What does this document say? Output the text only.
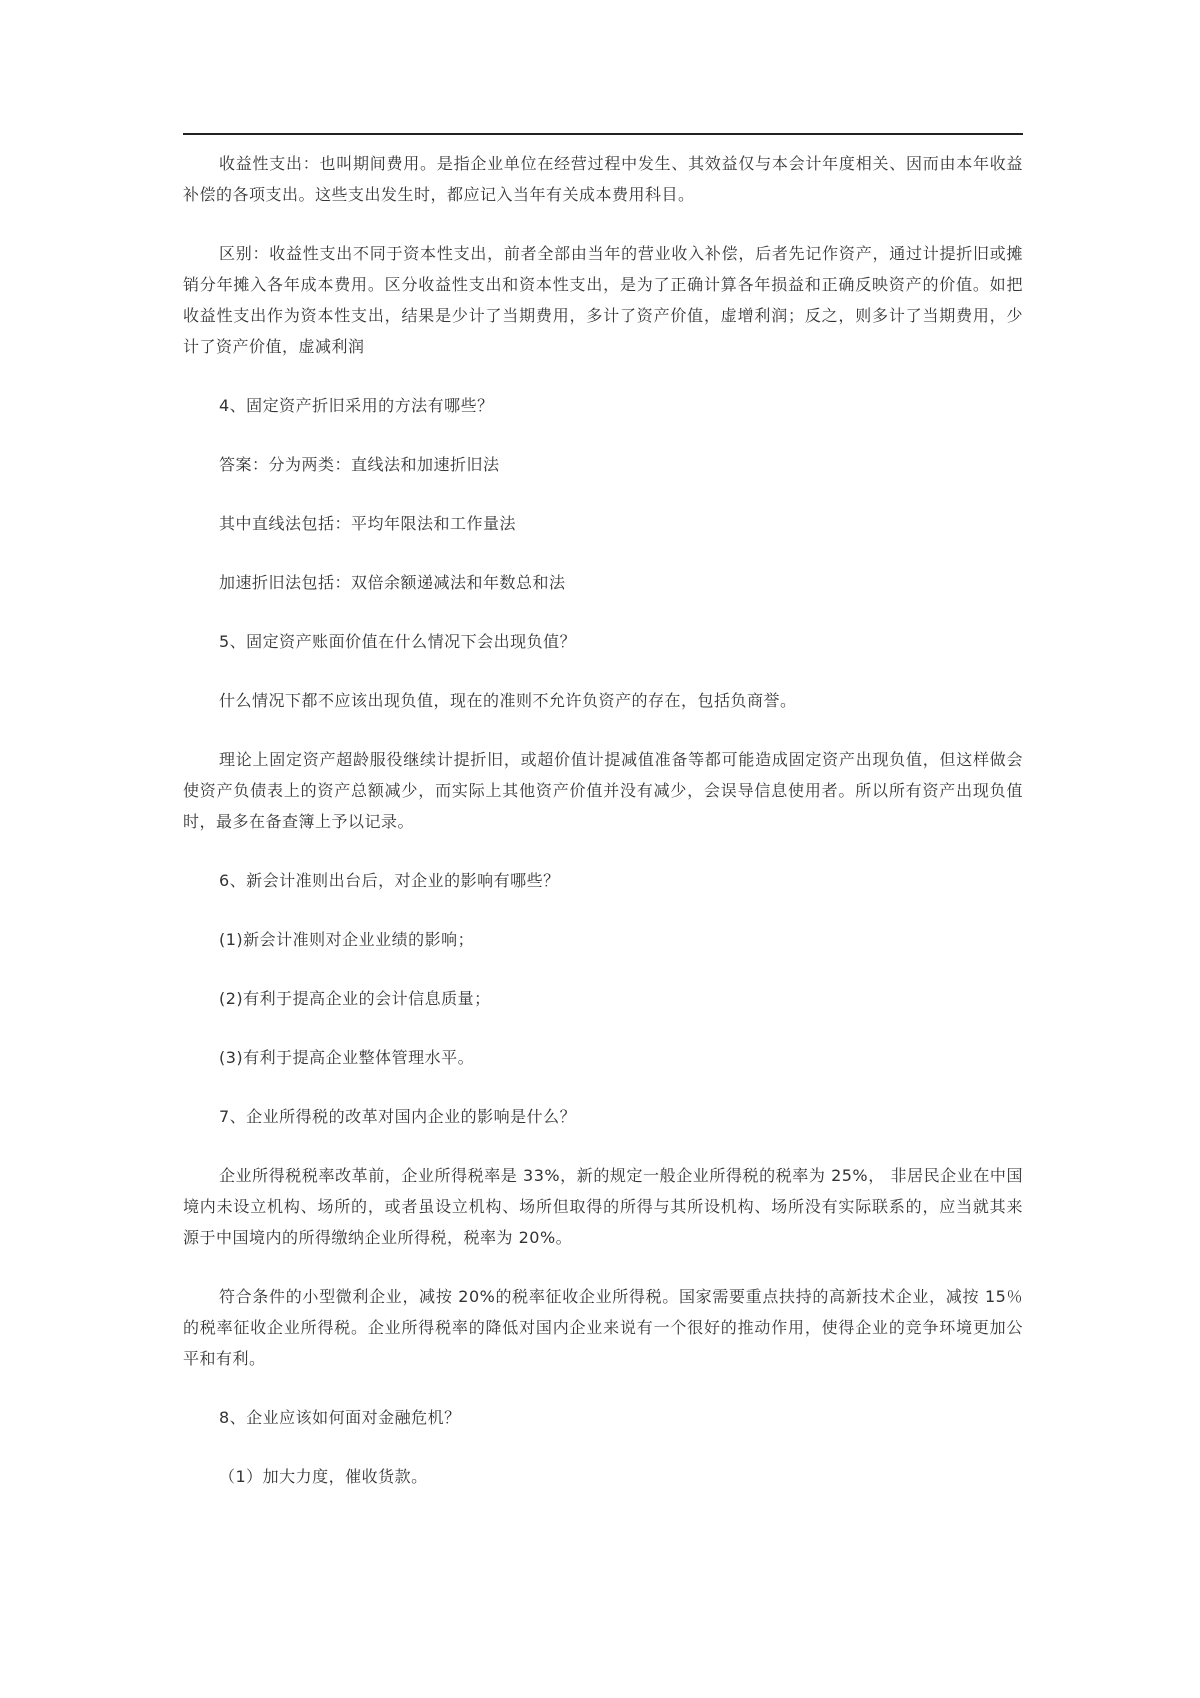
收益性支出：也叫期间费用。是指企业单位在经营过程中发生、其效益仅与本会计年度相关、因而由本年收益补偿的各项支出。这些支出发生时，都应记入当年有关成本费用科目。

区别：收益性支出不同于资本性支出，前者全部由当年的营业收入补偿，后者先记作资产，通过计提折旧或摊销分年摊入各年成本费用。区分收益性支出和资本性支出，是为了正确计算各年损益和正确反映资产的价值。如把收益性支出作为资本性支出，结果是少计了当期费用，多计了资产价值，虚增利润；反之，则多计了当期费用，少计了资产价值，虚减利润

4、固定资产折旧采用的方法有哪些？

答案：分为两类：直线法和加速折旧法

其中直线法包括：平均年限法和工作量法

加速折旧法包括：双倍余额递减法和年数总和法

5、固定资产账面价值在什么情况下会出现负值？

什么情况下都不应该出现负值，现在的准则不允许负资产的存在，包括负商誉。

理论上固定资产超龄服役继续计提折旧，或超价值计提减值准备等都可能造成固定资产出现负值，但这样做会使资产负债表上的资产总额减少，而实际上其他资产价值并没有减少，会误导信息使用者。所以所有资产出现负值时，最多在备查簿上予以记录。

6、新会计准则出台后，对企业的影响有哪些？

(1)新会计准则对企业业绩的影响；

(2)有利于提高企业的会计信息质量；

(3)有利于提高企业整体管理水平。

7、企业所得税的改革对国内企业的影响是什么？

企业所得税税率改革前，企业所得税率是 33%，新的规定一般企业所得税的税率为 25%， 非居民企业在中国境内未设立机构、场所的，或者虽设立机构、场所但取得的所得与其所设机构、场所没有实际联系的，应当就其来源于中国境内的所得缴纳企业所得税，税率为 20%。

符合条件的小型微利企业，减按 20%的税率征收企业所得税。国家需要重点扶持的高新技术企业，减按 15％的税率征收企业所得税。企业所得税率的降低对国内企业来说有一个很好的推动作用，使得企业的竞争环境更加公平和有利。

8、企业应该如何面对金融危机？

（1）加大力度，催收货款。
